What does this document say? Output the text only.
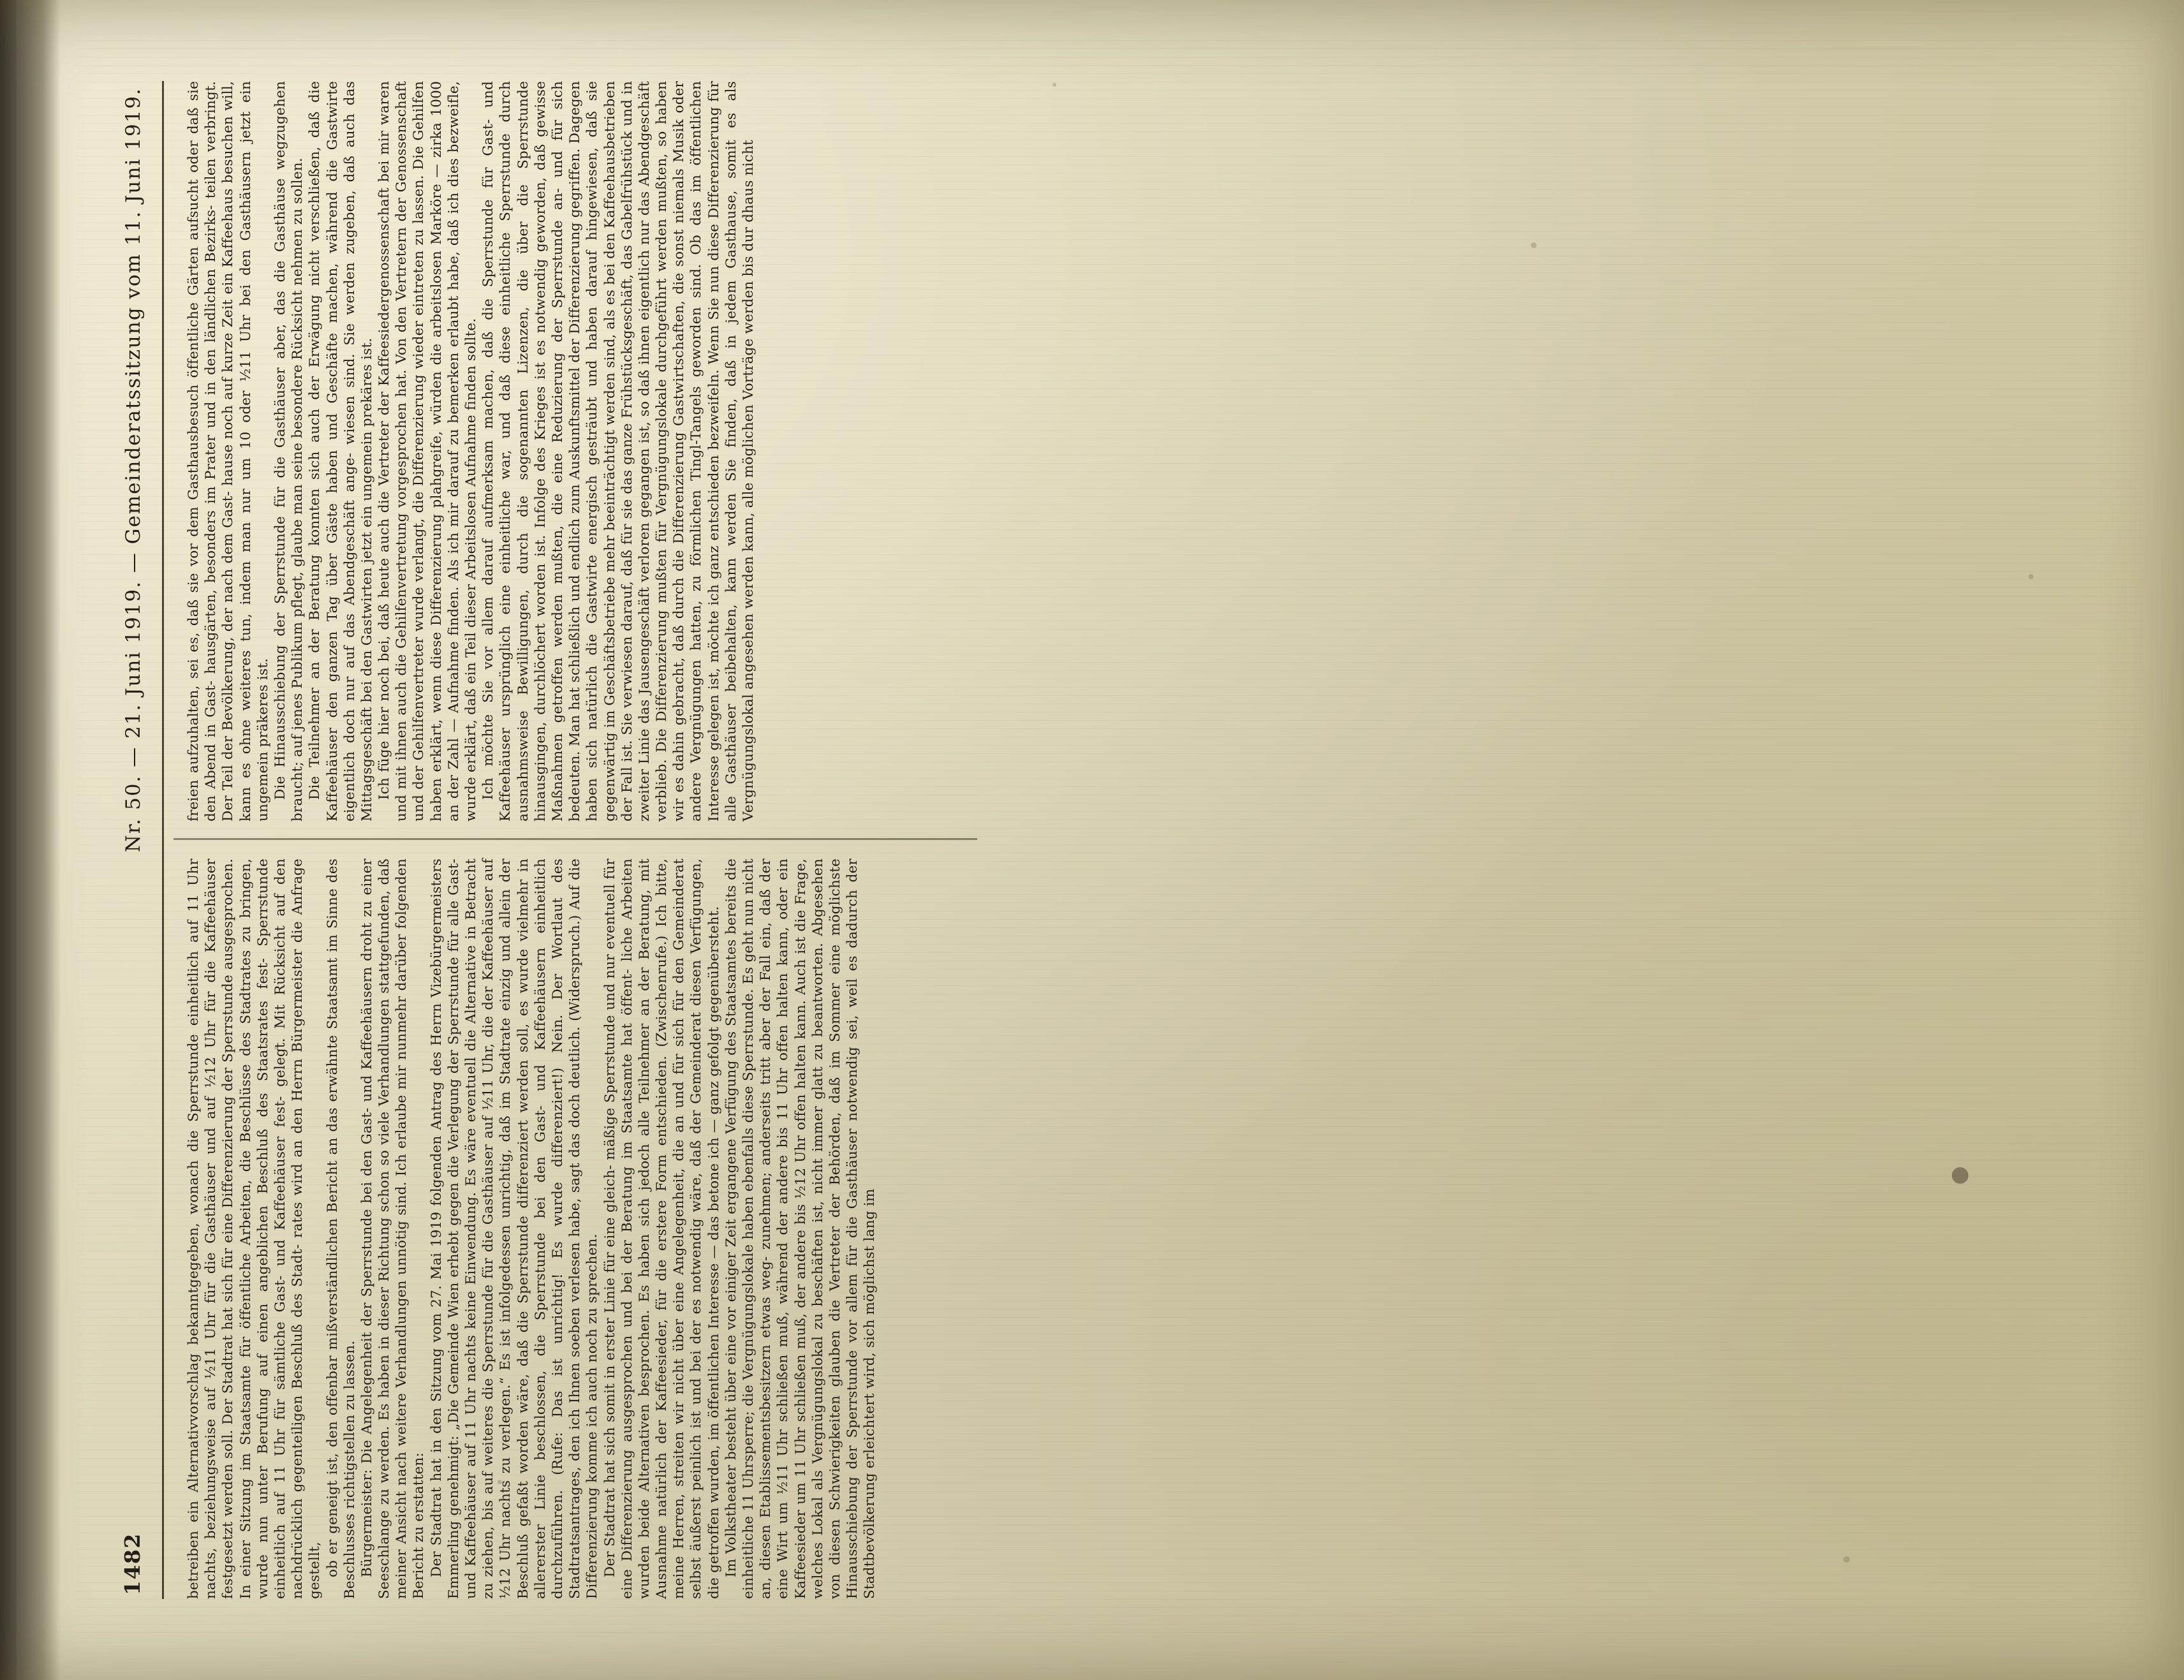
1482
Nr. 50. — 21. Juni 1919. — Gemeinderatssitzung vom 11. Juni 1919.

betreiben ein Alternativvorschlag bekanntgegeben, wonach die Sperrstunde einheitlich auf 11 Uhr nachts, beziehungsweise auf ½11 Uhr für die Gasthäuser und auf ½12 Uhr für die Kaffeehäuser festgesetzt werden soll. Der Stadtrat hat sich für eine Differenzierung der Sperrstunde ausgesprochen. In einer Sitzung im Staatsamte für öffentliche Arbeiten, die Beschlüsse des Stadtrates zu bringen, wurde nun unter Berufung auf einen angeblichen Beschluß des Staatsrates fest- Sperrstunde einheitlich auf 11 Uhr für sämtliche Gast- und Kaffeehäuser fest- gelegt. Mit Rücksicht auf den nachdrücklich gegenteiligen Beschluß des Stadt- rates wird an den Herrn Bürgermeister die Anfrage gestellt, ob er geneigt ist, den offenbar mißverständlichen Bericht an das erwähnte Staatsamt im Sinne des Beschlusses richtigstellen zu lassen. Bürgermeister: Die Angelegenheit der Sperrstunde bei den Gast- und Kaffeehäusern droht zu einer Seeschlange zu werden. Es haben in dieser Richtung schon so viele Verhandlungen stattgefunden, daß meiner Ansicht nach weitere Verhandlungen unnötig sind. Ich erlaube mir nunmehr darüber folgenden Bericht zu erstatten: Der Stadtrat hat in den Sitzung vom 27. Mai 1919 folgenden Antrag des Herrn Vizebürgermeisters Emmerling genehmigt: „Die Gemeinde Wien erhebt gegen die Verlegung der Sperrstunde für alle Gast- und Kaffeehäuser auf 11 Uhr nachts keine Einwendung. Es wäre eventuell die Alternative in Betracht zu ziehen, bis auf weiteres die Sperrstunde für die Gasthäuser auf ½11 Uhr, die der Kaffeehäuser auf ½12 Uhr nachts zu verlegen.“ Es ist infolgedessen unrichtig, daß im Stadtrate einzig und allein der Beschluß gefaßt worden wäre, daß die Sperrstunde differenziert werden soll, es wurde vielmehr in allererster Linie beschlossen, die Sperrstunde bei den Gast- und Kaffeehäusern einheitlich durchzuführen. (Rufe: Das ist unrichtig! Es wurde differenziert!) Nein. Der Wortlaut des Stadtratsantrages, den ich Ihnen soeben verlesen habe, sagt das doch deutlich. (Widerspruch.) Auf die Differenzierung komme ich auch noch zu sprechen. Der Stadtrat hat sich somit in erster Linie für eine gleich- mäßige Sperrstunde und nur eventuell für eine Differenzierung ausgesprochen und bei der Beratung im Staatsamte hat öffent- liche Arbeiten wurden beide Alternativen besprochen. Es haben sich jedoch alle Teilnehmer an der Beratung, mit Ausnahme natürlich der Kaffeesieder, für die erstere Form entschieden. (Zwischenrufe.) Ich bitte, meine Herren, streiten wir nicht über eine Angelegenheit, die an und für sich für den Gemeinderat selbst äußerst peinlich ist und bei der es notwendig wäre, daß der Gemeinderat diesen Verfügungen, die getroffen wurden, im öffentlichen Interesse — das betone ich — ganz gefolgt gegenübersteht. Im Volkstheater besteht über eine vor einiger Zeit ergangene Verfügung des Staatsamtes bereits die einheitliche 11 Uhrsperre; die Vergnügungslokale haben ebenfalls diese Sperrstunde. Es geht nun nicht an, diesen Etablissementsbesitzern etwas weg- zunehmen; anderseits tritt aber der Fall ein, daß der eine Wirt um ½11 Uhr schließen muß, während der andere bis 11 Uhr offen halten kann, oder ein Kaffeesieder um 11 Uhr schließen muß, der andere bis ½12 Uhr offen halten kann. Auch ist die Frage, welches Lokal als Vergnügungslokal zu beschäften ist, nicht immer glatt zu beantworten. Abgesehen von diesen Schwierigkeiten glauben die Vertreter der Behörden, daß im Sommer eine möglichste Hinausschiebung der Sperrstunde vor allem für die Gasthäuser notwendig sei, weil es dadurch der Stadtbevölkerung erleichtert wird, sich möglichst lang im

freien aufzuhalten, sei es, daß sie vor dem Gasthausbesuch öffentliche Gärten aufsucht oder daß sie den Abend in Gast- hausgärten, besonders im Prater und in den ländlichen Bezirks- teilen verbringt. Der Teil der Bevölkerung, der nach dem Gast- hause noch auf kurze Zeit ein Kaffeehaus besuchen will, kann es ohne weiteres tun, indem man nur um 10 oder ½11 Uhr bei den Gasthäusern jetzt ein ungemein präkeres ist. Die Hinausschiebung der Sperrstunde für die Gasthäuser aber, das die Gasthäuse wegzugehen braucht; auf jenes Publikum pflegt, glaube man seine besondere Rücksicht nehmen zu sollen. Die Teilnehmer an der Beratung konnten sich auch der Erwägung nicht verschließen, daß die Kaffeehäuser den ganzen Tag über Gäste haben und Geschäfte machen, während die Gastwirte eigentlich doch nur auf das Abendgeschäft ange- wiesen sind. Sie werden zugeben, daß auch das Mittagsgeschäft bei den Gastwirten jetzt ein ungemein prekäres ist. Ich füge hier noch bei, daß heute auch die Vertreter der Kaffeesiedergenossenschaft bei mir waren und mit ihnen auch die Gehilfenvertretung vorgesprochen hat. Von den Vertretern der Genossenschaft und der Gehilfenvertreter wurde verlangt, die Differenzierung wieder eintreten zu lassen. Die Gehilfen haben erklärt, wenn diese Differenzierung plahgreife, würden die arbeitslosen Marköre — zirka 1000 an der Zahl — Aufnahme finden. Als ich mir darauf zu bemerken erlaubt habe, daß ich dies bezweifle, wurde erklärt, daß ein Teil dieser Arbeitslosen Aufnahme finden sollte. Ich möchte Sie vor allem darauf aufmerksam machen, daß die Sperrstunde für Gast- und Kaffeehäuser ursprünglich eine einheitliche war, und daß diese einheitliche Sperrstunde durch ausnahmsweise Bewilligungen, durch die sogenannten Lizenzen, die über die Sperrstunde hinausgingen, durchlöchert worden ist. Infolge des Krieges ist es notwendig geworden, daß gewisse Maßnahmen getroffen werden mußten, die eine Reduzierung der Sperrstunde an- und für sich bedeuten. Man hat schließlich und endlich zum Auskunftsmittel der Differenzierung gegriffen. Dagegen haben sich natürlich die Gastwirte energisch gesträubt und haben darauf hingewiesen, daß sie gegenwärtig im Geschäftsbetriebe mehr beeinträchtigt werden sind, als es bei den Kaffeehausbetrieben der Fall ist. Sie verwiesen darauf, daß für sie das ganze Frühstücksgeschäft, das Gabelfrühstück und in zweiter Linie das Jausengeschäft verloren gegangen ist, so daß ihnen eigentlich nur das Abendgeschäft verblieb. Die Differenzierung mußten für Vergnügungslokale durchgeführt werden mußten, so haben wir es dahin gebracht, daß durch die Differenzierung Gastwirtschaften, die sonst niemals Musik oder andere Vergnügungen hatten, zu förmlichen Tingl-Tangels geworden sind. Ob das im öffentlichen Interesse gelegen ist, möchte ich ganz entschieden bezweifeln. Wenn Sie nun diese Differenzierung für alle Gasthäuser beibehalten, kann werden Sie finden, daß in jedem Gasthause, somit es als Vergnügungslokal angesehen werden kann, alle möglichen Vorträge werden bis dur dhaus nicht
